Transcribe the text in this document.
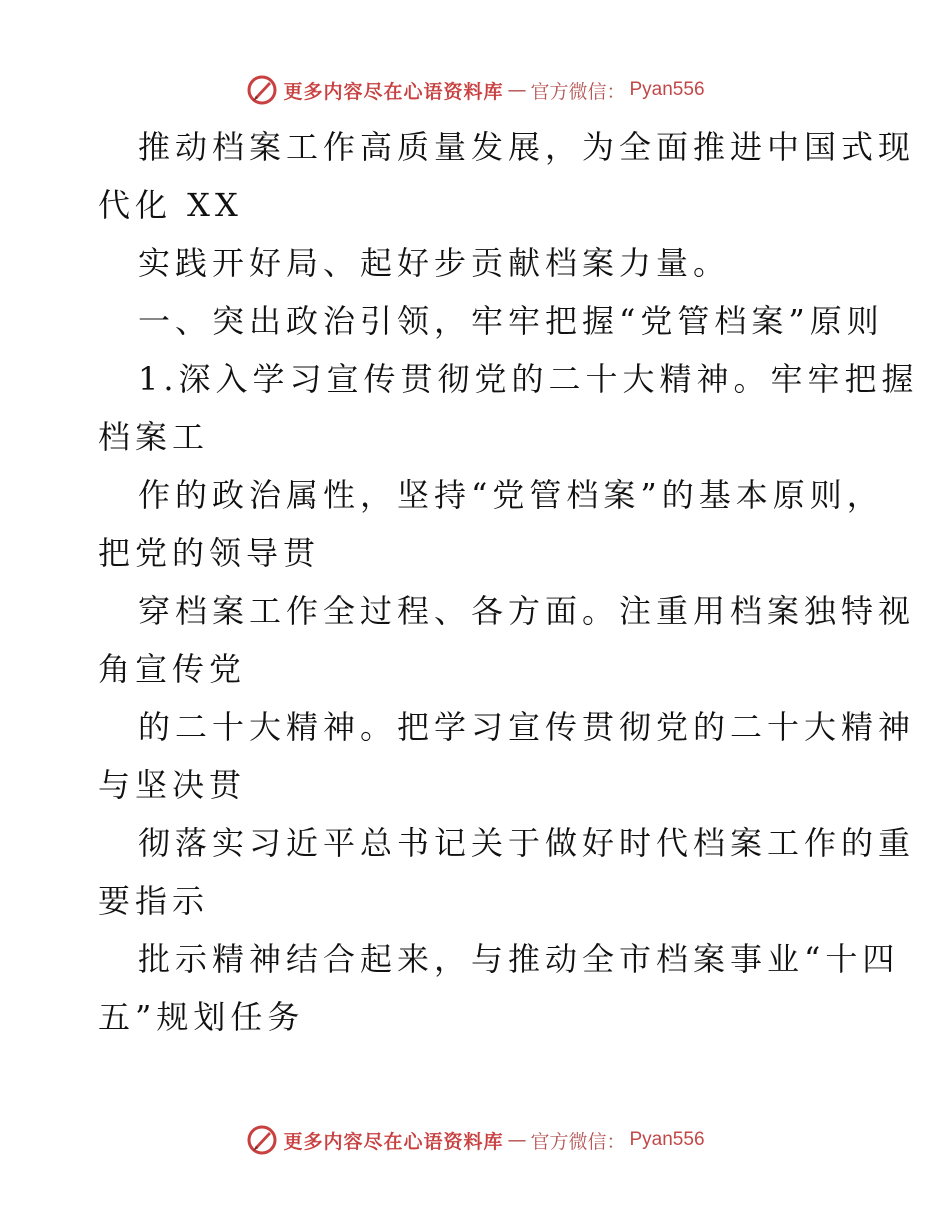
更多内容尽在心语资料库 — 官方微信： Pyan556
推动档案工作高质量发展，为全面推进中国式现
代化 XX
实践开好局、起好步贡献档案力量。
一、突出政治引领，牢牢把握“党管档案”原则
1.深入学习宣传贯彻党的二十大精神。牢牢把握
档案工
作的政治属性，坚持“党管档案”的基本原则，
把党的领导贯
穿档案工作全过程、各方面。注重用档案独特视
角宣传党
的二十大精神。把学习宣传贯彻党的二十大精神
与坚决贯
彻落实习近平总书记关于做好时代档案工作的重
要指示
批示精神结合起来，与推动全市档案事业“十四
五”规划任务
更多内容尽在心语资料库 — 官方微信： Pyan556
